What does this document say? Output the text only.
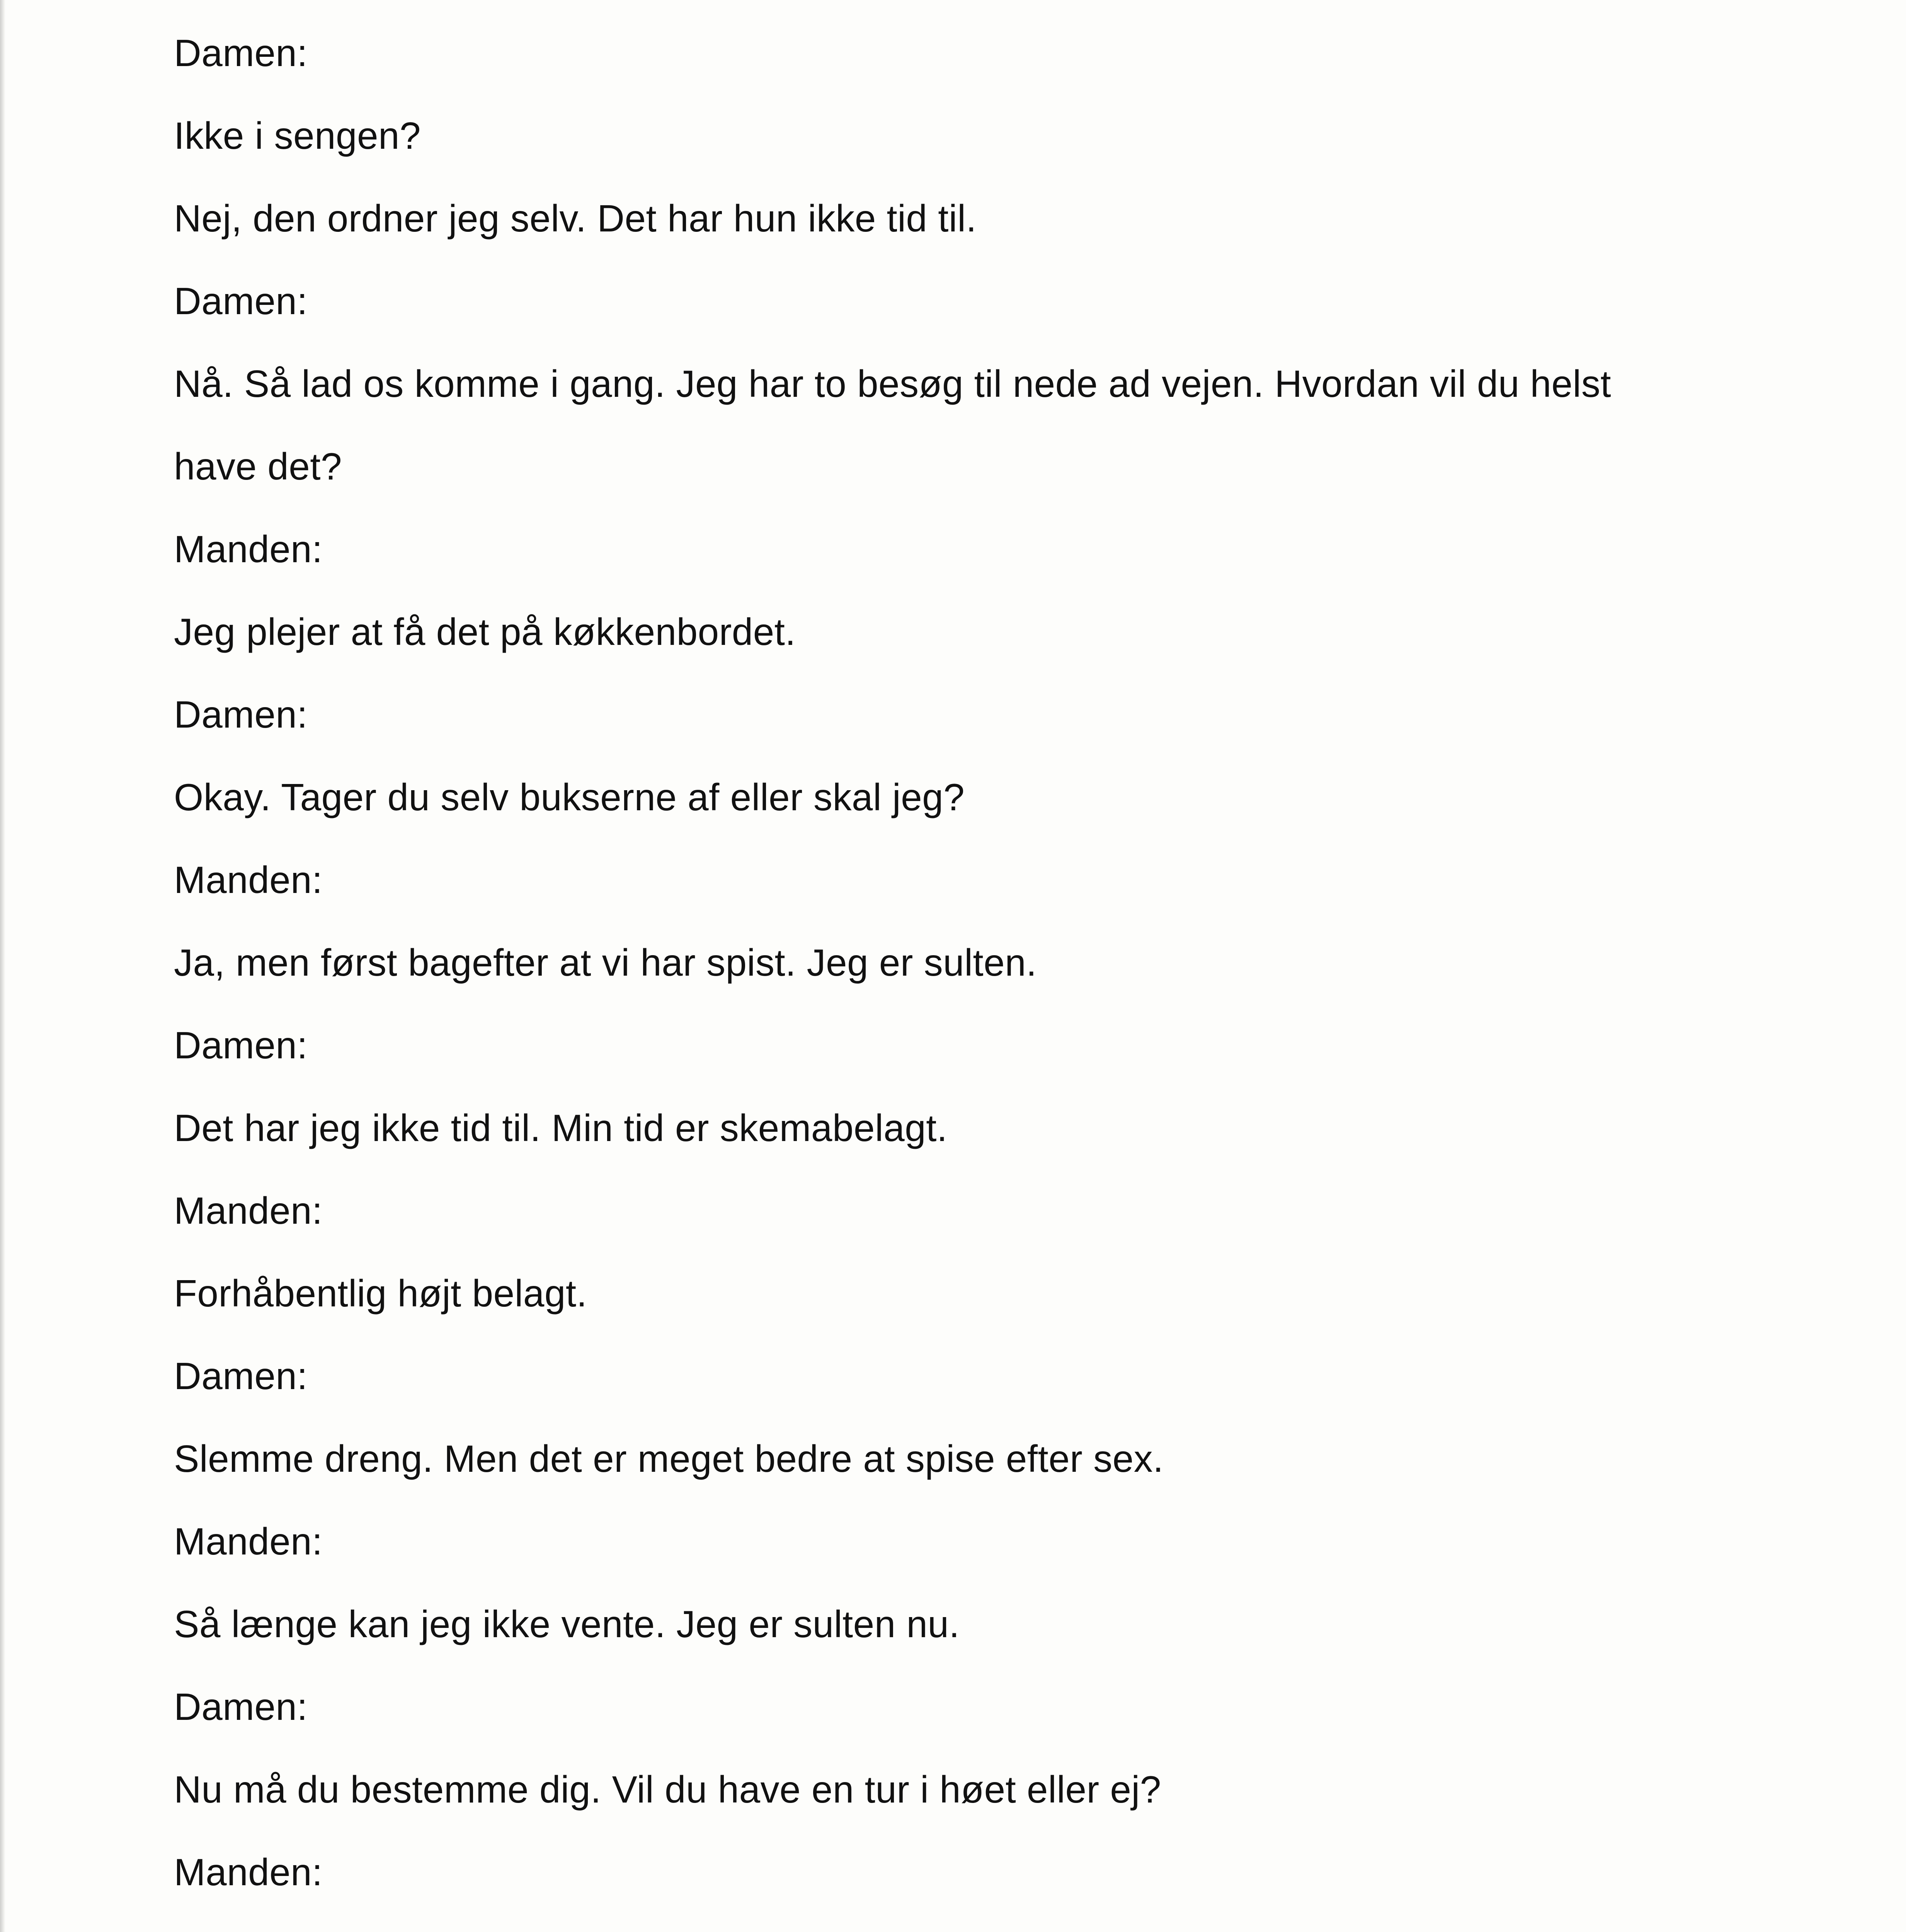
Damen:
Ikke i sengen?
Nej, den ordner jeg selv. Det har hun ikke tid til.
Damen:
Nå. Så lad os komme i gang. Jeg har to besøg til nede ad vejen. Hvordan vil du helst
have det?
Manden:
Jeg plejer at få det på køkkenbordet.
Damen:
Okay. Tager du selv bukserne af eller skal jeg?
Manden:
Ja, men først bagefter at vi har spist. Jeg er sulten.
Damen:
Det har jeg ikke tid til. Min tid er skemabelagt.
Manden:
Forhåbentlig højt belagt.
Damen:
Slemme dreng. Men det er meget bedre at spise efter sex.
Manden:
Så længe kan jeg ikke vente. Jeg er sulten nu.
Damen:
Nu må du bestemme dig. Vil du have en tur i høet eller ej?
Manden:
